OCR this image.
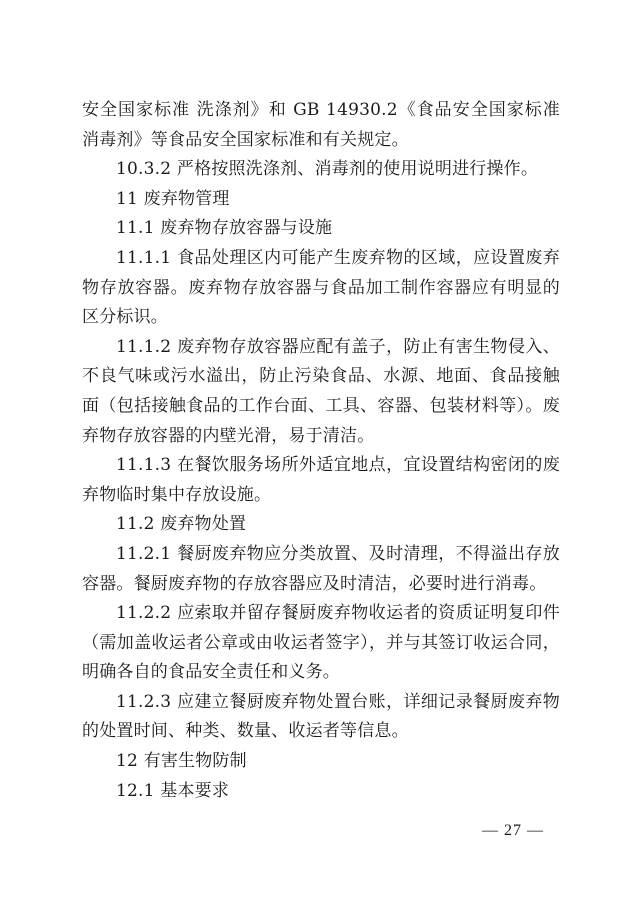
安全国家标准 洗涤剂》和 GB 14930.2《食品安全国家标准 消毒剂》等食品安全国家标准和有关规定。

10.3.2 严格按照洗涤剂、消毒剂的使用说明进行操作。

11 废弃物管理

11.1 废弃物存放容器与设施

11.1.1 食品处理区内可能产生废弃物的区域，应设置废弃物存放容器。废弃物存放容器与食品加工制作容器应有明显的区分标识。

11.1.2 废弃物存放容器应配有盖子，防止有害生物侵入、不良气味或污水溢出，防止污染食品、水源、地面、食品接触面（包括接触食品的工作台面、工具、容器、包装材料等）。废弃物存放容器的内壁光滑，易于清洁。

11.1.3 在餐饮服务场所外适宜地点，宜设置结构密闭的废弃物临时集中存放设施。

11.2 废弃物处置

11.2.1 餐厨废弃物应分类放置、及时清理，不得溢出存放容器。餐厨废弃物的存放容器应及时清洁，必要时进行消毒。

11.2.2 应索取并留存餐厨废弃物收运者的资质证明复印件（需加盖收运者公章或由收运者签字），并与其签订收运合同，明确各自的食品安全责任和义务。

11.2.3 应建立餐厨废弃物处置台账，详细记录餐厨废弃物的处置时间、种类、数量、收运者等信息。

12 有害生物防制

12.1 基本要求

— 27 —
